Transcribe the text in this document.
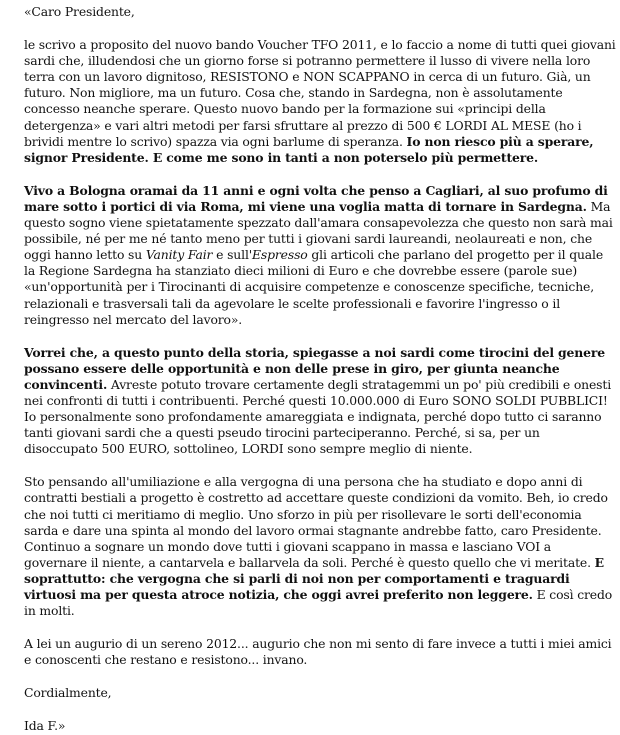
«Caro Presidente,

le scrivo a proposito del nuovo bando Voucher TFO 2011, e lo faccio a nome di tutti quei giovani sardi che, illudendosi che un giorno forse si potranno permettere il lusso di vivere nella loro terra con un lavoro dignitoso, RESISTONO e NON SCAPPANO in cerca di un futuro. Già, un futuro. Non migliore, ma un futuro. Cosa che, stando in Sardegna, non è assolutamente concesso neanche sperare. Questo nuovo bando per la formazione sui «principi della detergenza» e vari altri metodi per farsi sfruttare al prezzo di 500 € LORDI AL MESE (ho i brividi mentre lo scrivo) spazza via ogni barlume di speranza. Io non riesco più a sperare, signor Presidente. E come me sono in tanti a non poterselo più permettere.

Vivo a Bologna oramai da 11 anni e ogni volta che penso a Cagliari, al suo profumo di mare sotto i portici di via Roma, mi viene una voglia matta di tornare in Sardegna. Ma questo sogno viene spietatamente spezzato dall'amara consapevolezza che questo non sarà mai possibile, né per me né tanto meno per tutti i giovani sardi laureandi, neolaureati e non, che oggi hanno letto su Vanity Fair e sull'Espresso gli articoli che parlano del progetto per il quale la Regione Sardegna ha stanziato dieci milioni di Euro e che dovrebbe essere (parole sue) «un'opportunità per i Tirocinanti di acquisire competenze e conoscenze specifiche, tecniche, relazionali e trasversali tali da agevolare le scelte professionali e favorire l'ingresso o il reingresso nel mercato del lavoro».

Vorrei che, a questo punto della storia, spiegasse a noi sardi come tirocini del genere possano essere delle opportunità e non delle prese in giro, per giunta neanche convincenti. Avreste potuto trovare certamente degli stratagemmi un po' più credibili e onesti nei confronti di tutti i contribuenti. Perché questi 10.000.000 di Euro SONO SOLDI PUBBLICI! Io personalmente sono profondamente amareggiata e indignata, perché dopo tutto ci saranno tanti giovani sardi che a questi pseudo tirocini parteciperanno. Perché, si sa, per un disoccupato 500 EURO, sottolineo, LORDI sono sempre meglio di niente.

Sto pensando all'umiliazione e alla vergogna di una persona che ha studiato e dopo anni di contratti bestiali a progetto è costretto ad accettare queste condizioni da vomito. Beh, io credo che noi tutti ci meritiamo di meglio. Uno sforzo in più per risollevare le sorti dell'economia sarda e dare una spinta al mondo del lavoro ormai stagnante andrebbe fatto, caro Presidente. Continuo a sognare un mondo dove tutti i giovani scappano in massa e lasciano VOI a governare il niente, a cantarvela e ballarvela da soli. Perché è questo quello che vi meritate. E soprattutto: che vergogna che si parli di noi non per comportamenti e traguardi virtuosi ma per questa atroce notizia, che oggi avrei preferito non leggere. E così credo in molti.

A lei un augurio di un sereno 2012... augurio che non mi sento di fare invece a tutti i miei amici e conoscenti che restano e resistono... invano.

Cordialmente,

Ida F.»
